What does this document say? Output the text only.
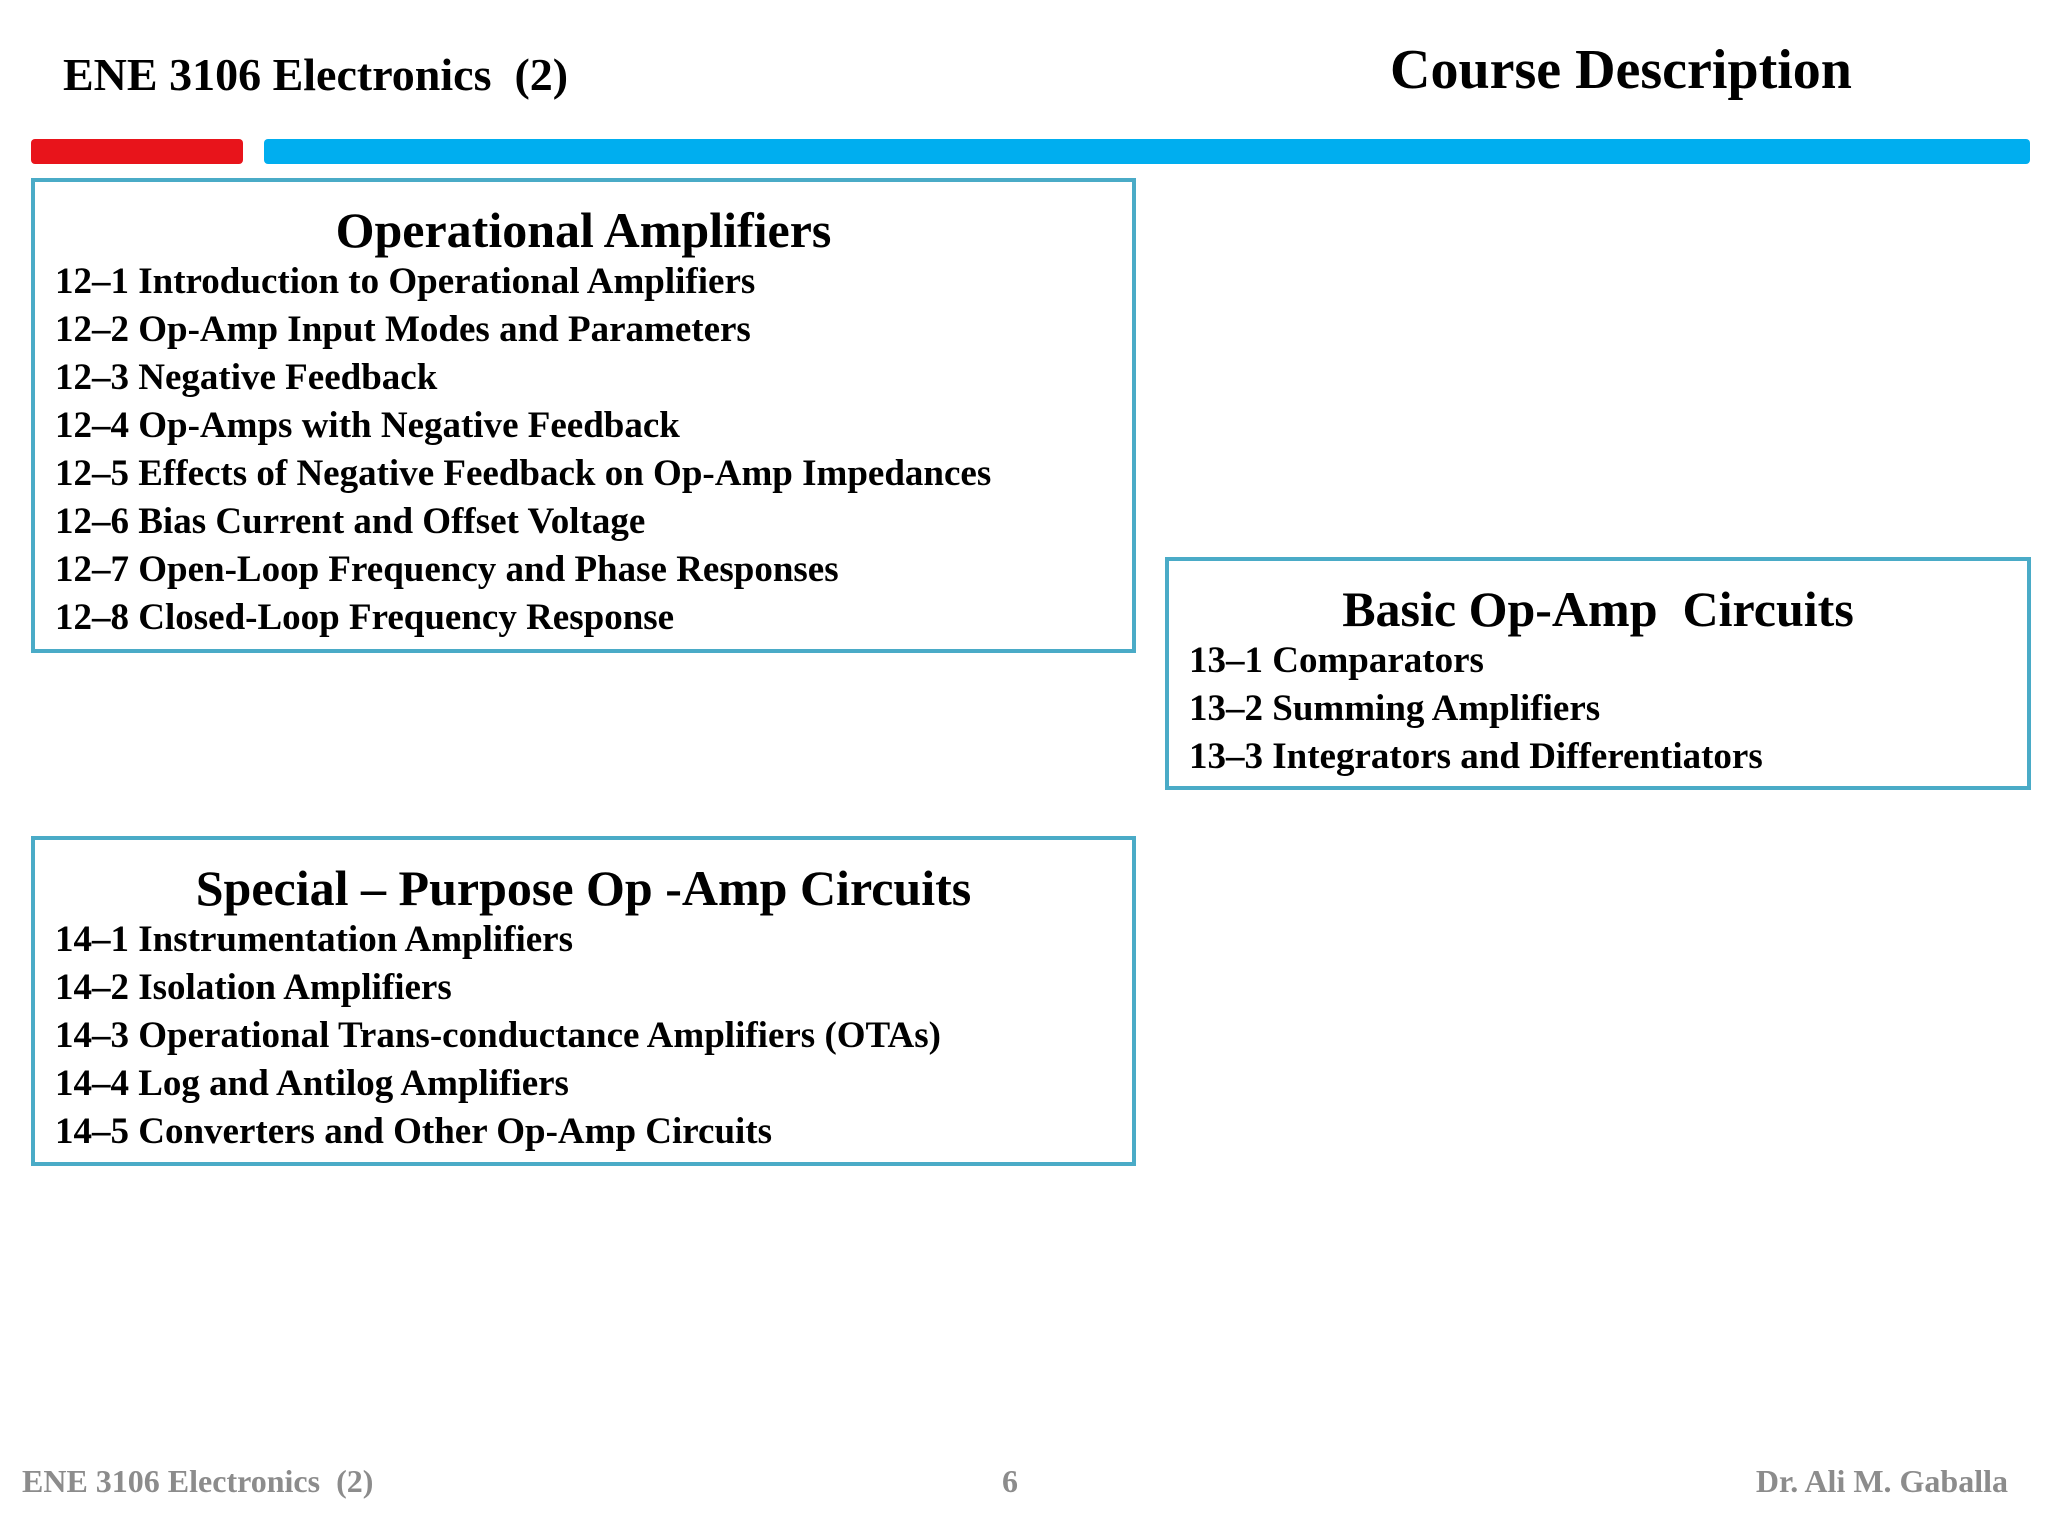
ENE 3106 Electronics  (2)	Course Description
Operational Amplifiers
12–1 Introduction to Operational Amplifiers
12–2 Op-Amp Input Modes and Parameters
12–3 Negative Feedback
12–4 Op-Amps with Negative Feedback
12–5 Effects of Negative Feedback on Op-Amp Impedances
12–6 Bias Current and Offset Voltage
12–7 Open-Loop Frequency and Phase Responses
12–8 Closed-Loop Frequency Response	Basic Op-Amp  Circuits
13–1 Comparators
13–2 Summing Amplifiers
13–3 Integrators and Differentiators
Special – Purpose Op -Amp Circuits
14–1 Instrumentation Amplifiers
14–2 Isolation Amplifiers
14–3 Operational Trans-conductance Amplifiers (OTAs)
14–4 Log and Antilog Amplifiers
14–5 Converters and Other Op-Amp Circuits
ENE 3106 Electronics  (2)	6	Dr. Ali M. Gaballa
